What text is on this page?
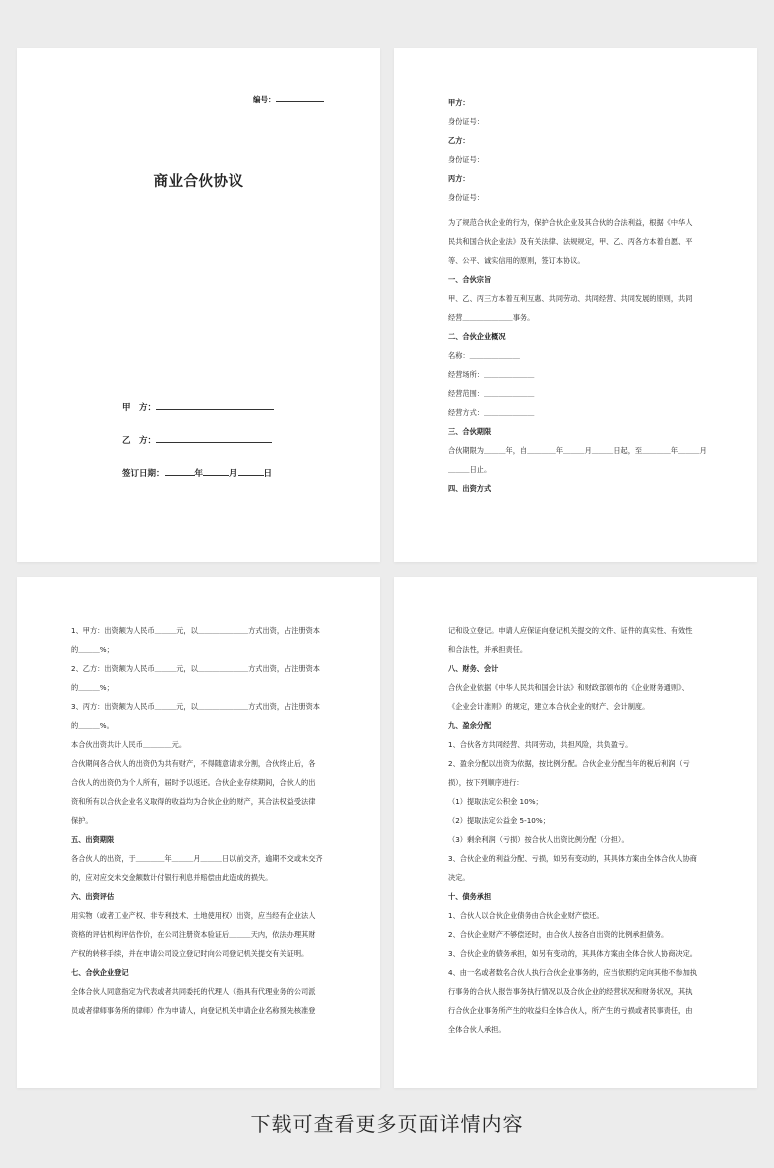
编号：
商业合伙协议
甲　方：
乙　方：
签订日期：	年	月	日

甲方：

身份证号：

乙方：

身份证号：

丙方：

身份证号：

为了规范合伙企业的行为，保护合伙企业及其合伙的合法利益，根据《中华人

民共和国合伙企业法》及有关法律、法规规定，甲、乙、丙各方本着自愿、平

等、公平、诚实信用的原则，签订本协议。

一、合伙宗旨

甲、乙、丙三方本着互利互惠、共同劳动、共同经营、共同发展的原则，共同

经营＿＿＿＿＿＿＿事务。

二、合伙企业概况

名称：＿＿＿＿＿＿＿

经营场所：＿＿＿＿＿＿＿

经营范围：＿＿＿＿＿＿＿

经营方式：＿＿＿＿＿＿＿

三、合伙期限

合伙期限为＿＿＿年，自＿＿＿＿年＿＿＿月＿＿＿日起，至＿＿＿＿年＿＿＿月

＿＿＿日止。

四、出资方式

1、甲方：出资额为人民币＿＿＿元，以＿＿＿＿＿＿＿方式出资，占注册资本

的＿＿＿%；

2、乙方：出资额为人民币＿＿＿元，以＿＿＿＿＿＿＿方式出资，占注册资本

的＿＿＿%；

3、丙方：出资额为人民币＿＿＿元，以＿＿＿＿＿＿＿方式出资，占注册资本

的＿＿＿%。

本合伙出资共计人民币＿＿＿＿元。

合伙期间各合伙人的出资仍为共有财产，不得随意请求分割，合伙终止后，各

合伙人的出资仍为个人所有，届时予以返还。合伙企业存续期间，合伙人的出

资和所有以合伙企业名义取得的收益均为合伙企业的财产，其合法权益受法律

保护。

五、出资期限

各合伙人的出资，于＿＿＿＿年＿＿＿月＿＿＿日以前交齐，逾期不交或未交齐

的，应对应交未交金额数计付银行利息并赔偿由此造成的损失。

六、出资评估

用实物（或者工业产权、非专利技术、土地使用权）出资，应当经有企业法人

资格的评估机构评估作价，在公司注册资本验证后＿＿＿天内，依法办理其财

产权的转移手续，并在申请公司设立登记时向公司登记机关提交有关证明。

七、合伙企业登记

全体合伙人同意指定为代表或者共同委托的代理人（指具有代理业务的公司派

员或者律师事务所的律师）作为申请人，向登记机关申请企业名称预先核准登

记和设立登记。申请人应保证向登记机关提交的文件、证件的真实性、有效性

和合法性，并承担责任。

八、财务、会计

合伙企业依据《中华人民共和国会计法》和财政部颁布的《企业财务通则》、

《企业会计准则》的规定，建立本合伙企业的财产、会计制度。

九、盈余分配

1、合伙各方共同经营、共同劳动，共担风险，共负盈亏。

2、盈余分配以出资为依据，按比例分配。合伙企业分配当年的税后利润（亏

损），按下列顺序进行：

（1）提取法定公积金 10%；

（2）提取法定公益金 5-10%；

（3）剩余利润（亏损）按合伙人出资比例分配（分担）。

3、合伙企业的利益分配、亏损，如另有变动的，其具体方案由全体合伙人协商

决定。

十、债务承担

1、合伙人以合伙企业债务由合伙企业财产偿还。

2、合伙企业财产不够偿还时，由合伙人按各自出资的比例承担债务。

3、合伙企业的债务承担，如另有变动的，其具体方案由全体合伙人协商决定。

4、由一名或者数名合伙人执行合伙企业事务的，应当依照约定向其他不参加执

行事务的合伙人报告事务执行情况以及合伙企业的经营状况和财务状况，其执

行合伙企业事务所产生的收益归全体合伙人，所产生的亏损或者民事责任，由

全体合伙人承担。

下载可查看更多页面详情内容
